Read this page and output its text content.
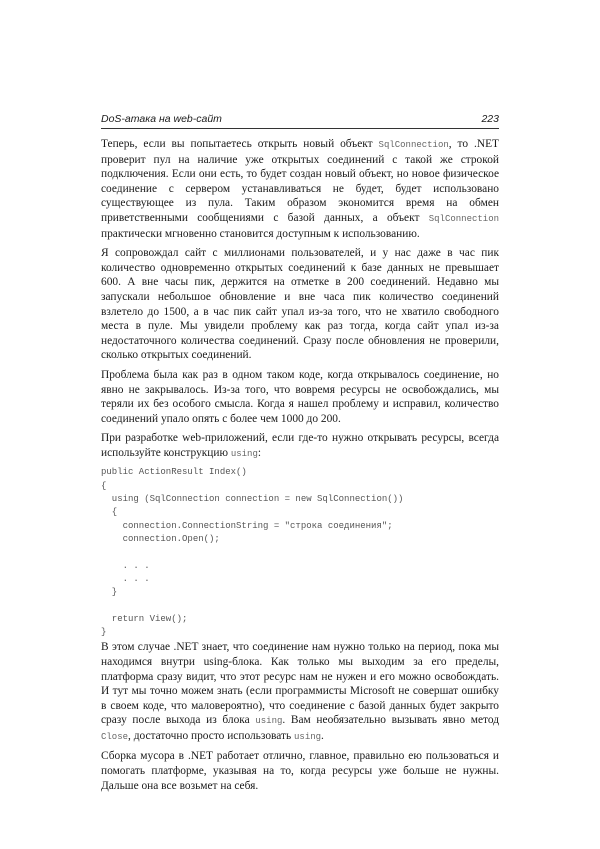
DoS-атака на web-сайт	223

Теперь, если вы попытаетесь открыть новый объект SqlConnection, то .NET проверит пул на наличие уже открытых соединений с такой же строкой подключения. Если они есть, то будет создан новый объект, но новое физическое соединение с сервером устанавливаться не будет, будет использовано существующее из пула. Таким образом экономится время на обмен приветственными сообщениями с базой данных, а объект SqlConnection практически мгновенно становится доступным к использованию.

Я сопровождал сайт с миллионами пользователей, и у нас даже в час пик количество одновременно открытых соединений к базе данных не превышает 600. А вне часы пик, держится на отметке в 200 соединений. Недавно мы запускали небольшое обновление и вне часа пик количество соединений взлетело до 1500, а в час пик сайт упал из-за того, что не хватило свободного места в пуле. Мы увидели проблему как раз тогда, когда сайт упал из-за недостаточного количества соединений. Сразу после обновления не проверили, сколько открытых соединений.

Проблема была как раз в одном таком коде, когда открывалось соединение, но явно не закрывалось. Из-за того, что вовремя ресурсы не освобождались, мы теряли их без особого смысла. Когда я нашел проблему и исправил, количество соединений упало опять с более чем 1000 до 200.

При разработке web-приложений, если где-то нужно открывать ресурсы, всегда используйте конструкцию using:

public ActionResult Index()
{
using (SqlConnection connection = new SqlConnection())
{
connection.ConnectionString = "строка соединения";
connection.Open();
. . .
. . .
}
return View();
}

В этом случае .NET знает, что соединение нам нужно только на период, пока мы находимся внутри using-блока. Как только мы выходим за его пределы, платформа сразу видит, что этот ресурс нам не нужен и его можно освобождать. И тут мы точно можем знать (если программисты Microsoft не совершат ошибку в своем коде, что маловероятно), что соединение с базой данных будет закрыто сразу после выхода из блока using. Вам необязательно вызывать явно метод Close, достаточно просто использовать using.

Сборка мусора в .NET работает отлично, главное, правильно ею пользоваться и помогать платформе, указывая на то, когда ресурсы уже больше не нужны. Дальше она все возьмет на себя.
